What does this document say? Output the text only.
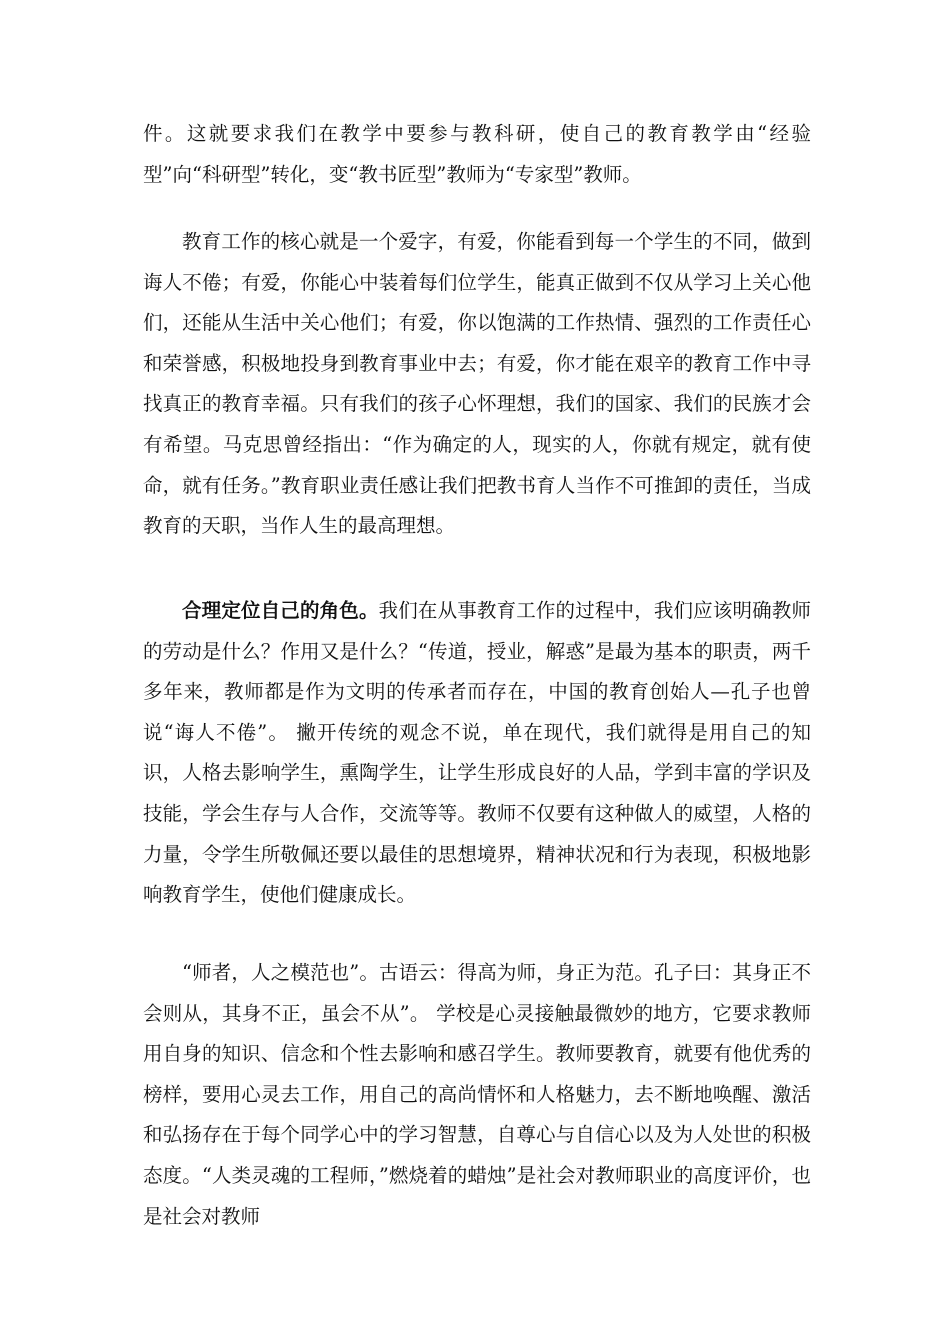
件。这就要求我们在教学中要参与教科研，使自己的教育教学由“经验型”向“科研型”转化，变“教书匠型”教师为“专家型”教师。

教育工作的核心就是一个爱字，有爱，你能看到每一个学生的不同，做到诲人不倦；有爱，你能心中装着每们位学生，能真正做到不仅从学习上关心他们，还能从生活中关心他们；有爱，你以饱满的工作热情、强烈的工作责任心和荣誉感，积极地投身到教育事业中去；有爱，你才能在艰辛的教育工作中寻找真正的教育幸福。只有我们的孩子心怀理想，我们的国家、我们的民族才会有希望。马克思曾经指出：“作为确定的人，现实的人，你就有规定，就有使命，就有任务。”教育职业责任感让我们把教书育人当作不可推卸的责任，当成教育的天职，当作人生的最高理想。

合理定位自己的角色。我们在从事教育工作的过程中，我们应该明确教师的劳动是什么？作用又是什么？“传道，授业，解惑”是最为基本的职责，两千多年来，教师都是作为文明的传承者而存在，中国的教育创始人—孔子也曾说“诲人不倦”。 撇开传统的观念不说，单在现代，我们就得是用自己的知识，人格去影响学生，熏陶学生，让学生形成良好的人品，学到丰富的学识及技能，学会生存与人合作，交流等等。教师不仅要有这种做人的威望，人格的力量，令学生所敬佩还要以最佳的思想境界，精神状况和行为表现，积极地影响教育学生，使他们健康成长。

“师者，人之模范也”。古语云：得高为师，身正为范。孔子曰：其身正不会则从，其身不正，虽会不从”。 学校是心灵接触最微妙的地方，它要求教师用自身的知识、信念和个性去影响和感召学生。教师要教育，就要有他优秀的榜样，要用心灵去工作，用自己的高尚情怀和人格魅力，去不断地唤醒、激活和弘扬存在于每个同学心中的学习智慧，自尊心与自信心以及为人处世的积极态度。“人类灵魂的工程师，”燃烧着的蜡烛”是社会对教师职业的高度评价，也是社会对教师
